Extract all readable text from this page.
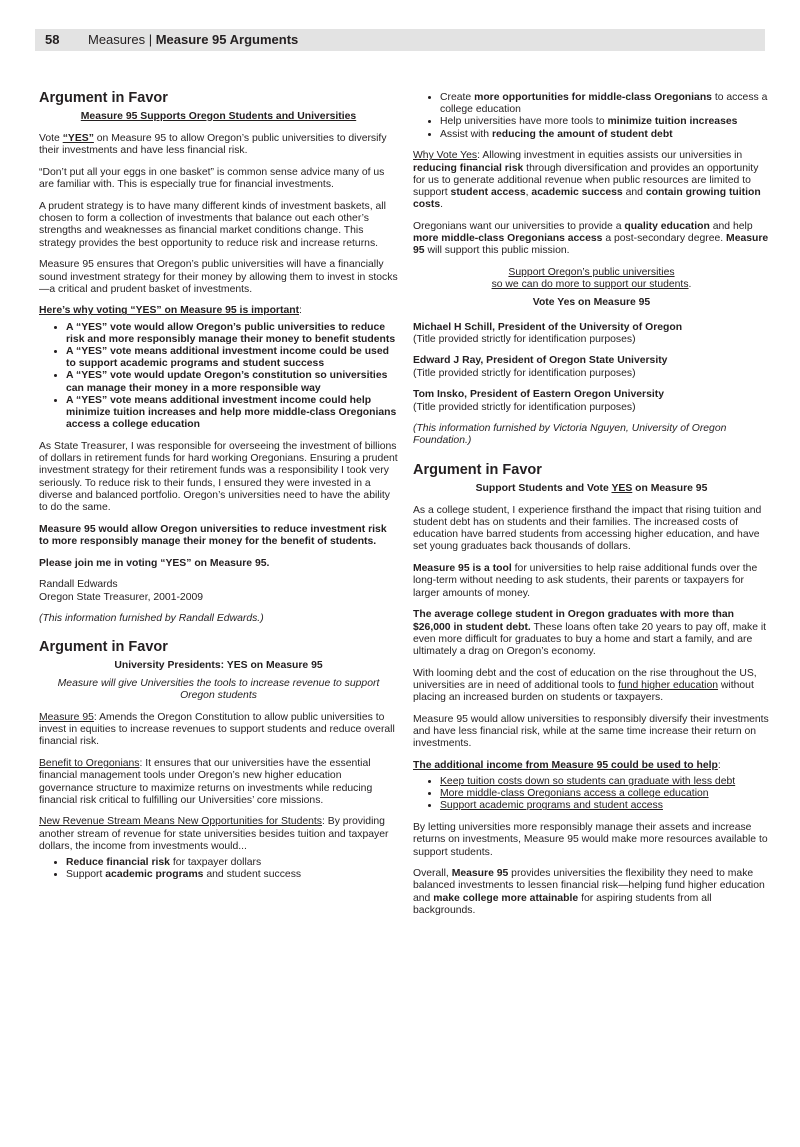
58 Measures | Measure 95 Arguments
Argument in Favor
Measure 95 Supports Oregon Students and Universities

Vote “YES” on Measure 95 to allow Oregon’s public universities to diversify their investments and have less financial risk.

“Don’t put all your eggs in one basket” is common sense advice many of us are familiar with. This is especially true for financial investments.

A prudent strategy is to have many different kinds of investment baskets, all chosen to form a collection of investments that balance out each other’s strengths and weaknesses as financial market conditions change. This strategy provides the best opportunity to reduce risk and increase returns.

Measure 95 ensures that Oregon’s public universities will have a financially sound investment strategy for their money by allowing them to invest in stocks—a critical and prudent basket of investments.

Here’s why voting “YES” on Measure 95 is important:

• A “YES” vote would allow Oregon’s public universities to reduce risk and more responsibly manage their money to benefit students
• A “YES” vote means additional investment income could be used to support academic programs and student success
• A “YES” vote would update Oregon’s constitution so universities can manage their money in a more responsible way
• A “YES” vote means additional investment income could help minimize tuition increases and help more middle-class Oregonians access a college education

As State Treasurer, I was responsible for overseeing the investment of billions of dollars in retirement funds for hard working Oregonians. Ensuring a prudent investment strategy for their retirement funds was a responsibility I took very seriously. To reduce risk to their funds, I ensured they were invested in a diverse and balanced portfolio. Oregon’s universities need to have the ability to do the same.

Measure 95 would allow Oregon universities to reduce investment risk to more responsibly manage their money for the benefit of students.

Please join me in voting “YES” on Measure 95.

Randall Edwards
Oregon State Treasurer, 2001-2009

(This information furnished by Randall Edwards.)

Argument in Favor
University Presidents: YES on Measure 95
Measure will give Universities the tools to increase revenue to support Oregon students

Measure 95: Amends the Oregon Constitution to allow public universities to invest in equities to increase revenues to support students and reduce overall financial risk.

Benefit to Oregonians: It ensures that our universities have the essential financial management tools under Oregon’s new higher education governance structure to maximize returns on investments while reducing financial risk critical to fulfilling our Universities’ core missions.

New Revenue Stream Means New Opportunities for Students: By providing another stream of revenue for state universities besides tuition and taxpayer dollars, the income from investments would...

• Reduce financial risk for taxpayer dollars
• Support academic programs and student success
• Create more opportunities for middle-class Oregonians to access a college education
• Help universities have more tools to minimize tuition increases
• Assist with reducing the amount of student debt

Why Vote Yes: Allowing investment in equities assists our universities in reducing financial risk through diversification and provides an opportunity for us to generate additional revenue when public resources are limited to support student access, academic success and contain growing tuition costs.

Oregonians want our universities to provide a quality education and help more middle-class Oregonians access a post-secondary degree. Measure 95 will support this public mission.

Support Oregon’s public universities
so we can do more to support our students.

Vote Yes on Measure 95

Michael H Schill, President of the University of Oregon
(Title provided strictly for identification purposes)

Edward J Ray, President of Oregon State University
(Title provided strictly for identification purposes)

Tom Insko, President of Eastern Oregon University
(Title provided strictly for identification purposes)

(This information furnished by Victoria Nguyen, University of Oregon Foundation.)

Argument in Favor
Support Students and Vote YES on Measure 95

As a college student, I experience firsthand the impact that rising tuition and student debt has on students and their families. The increased costs of education have barred students from accessing higher education, and have set young graduates back thousands of dollars.

Measure 95 is a tool for universities to help raise additional funds over the long-term without needing to ask students, their parents or taxpayers for larger amounts of money.

The average college student in Oregon graduates with more than $26,000 in student debt. These loans often take 20 years to pay off, make it even more difficult for graduates to buy a home and start a family, and are ultimately a drag on Oregon’s economy.

With looming debt and the cost of education on the rise throughout the US, universities are in need of additional tools to fund higher education without placing an increased burden on students or taxpayers.

Measure 95 would allow universities to responsibly diversify their investments and have less financial risk, while at the same time increase their return on investments.

The additional income from Measure 95 could be used to help:

• Keep tuition costs down so students can graduate with less debt
• More middle-class Oregonians access a college education
• Support academic programs and student access

By letting universities more responsibly manage their assets and increase returns on investments, Measure 95 would make more resources available to support students.

Overall, Measure 95 provides universities the flexibility they need to make balanced investments to lessen financial risk—helping fund higher education and make college more attainable for aspiring students from all backgrounds.
